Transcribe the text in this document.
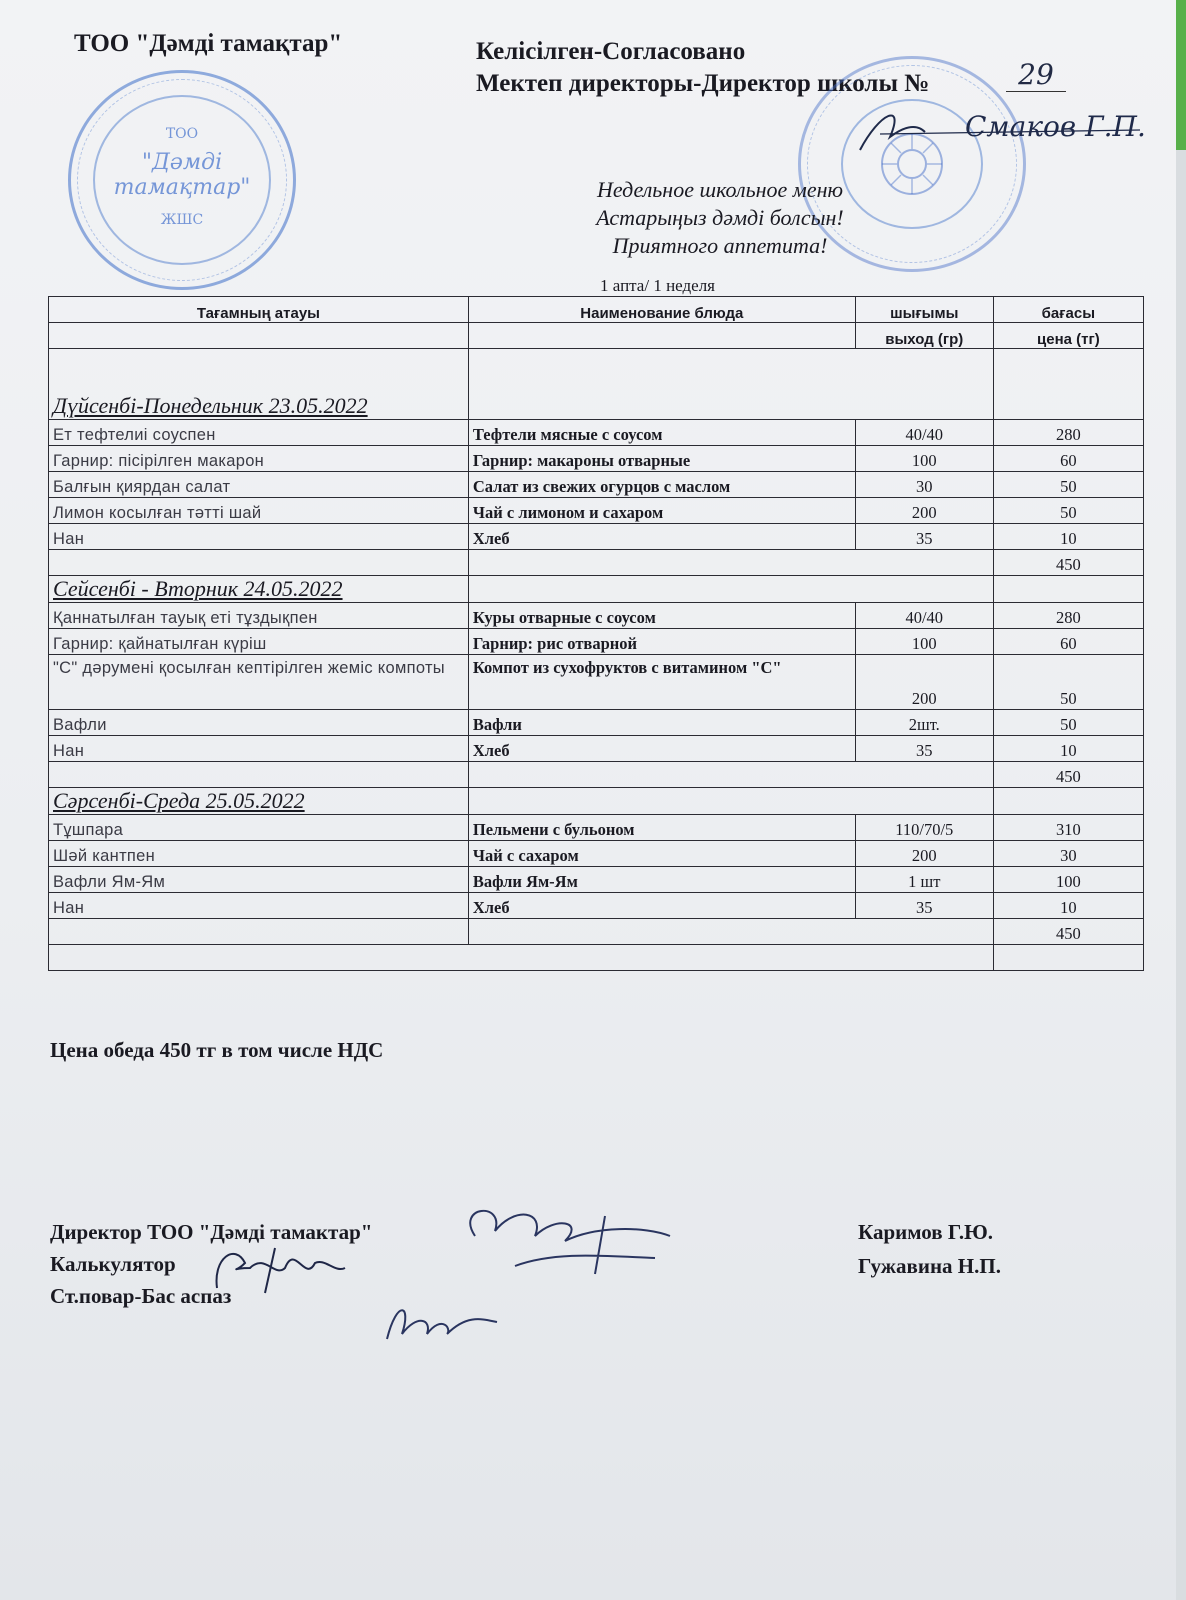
ТОО "Дәмді тамақтар"	Келісілген-Согласовано
Мектеп директоры-Директор школы №	29
Смаков Г.П.
ТОО
"Дәмді
тамақтар"
ЖШС
Недельное школьное меню
Астарыңыз дәмді болсын!
Приятного аппетита!
1 апта/ 1 неделя
Тағамның атауы	Наименование блюда	шығымы	бағасы
		выход (гр)	цена (тг)
Дүйсенбі-Понедельник 23.05.2022			
Ет тефтелиі соуспен	Тефтели мясные с соусом	40/40	280
Гарнир: пісірілген макарон	Гарнир: макароны отварные	100	60
Балғын қиярдан салат	Салат из свежих огурцов с маслом	30	50
Лимон косылған тәтті шай	Чай с лимоном и сахаром	200	50
Нан	Хлеб	35	10
			450
Сейсенбі - Вторник 24.05.2022			
Қаннатылған тауық еті тұздықпен	Куры отварные с соусом	40/40	280
Гарнир: қайнатылған күріш	Гарнир: рис отварной	100	60
"С" дәрумені қосылған кептірілген жеміс компоты	Компот из сухофруктов с витамином "С"	200	50
Вафли	Вафли	2шт.	50
Нан	Хлеб	35	10
			450
Сәрсенбі-Среда 25.05.2022			
Тұшпара	Пельмени с бульоном	110/70/5	310
Шәй кантпен	Чай с сахаром	200	30
Вафли Ям-Ям	Вафли Ям-Ям	1 шт	100
Нан	Хлеб	35	10
			450

Цена обеда 450 тг в том числе НДС
Директор ТОО "Дәмді тамактар"
Калькулятор
Ст.повар-Бас аспаз
Каримов Г.Ю.
Гужавина Н.П.
